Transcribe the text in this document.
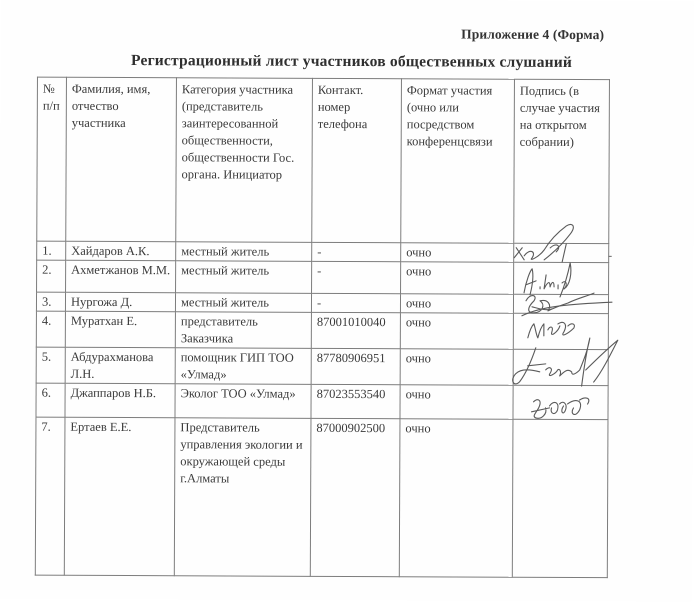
Приложение 4 (Форма)
Регистрационный лист участников общественных слушаний
№ п/п	Фамилия, имя, отчество участника	Категория участника (представитель заинтересованной общественности, общественности Гос. органа. Инициатор	Контакт. номер телефона	Формат участия (очно или посредством конференцсвязи	Подпись (в случае участия на открытом собрании)
1.	Хайдаров А.К.	местный житель	-	очно	-

2.	Ахметжанов М.М.	местный житель	-	очно	

3.	Нургожа Д.	местный житель	-	очно	

4.	Муратхан Е.	представитель Заказчика	87001010040	очно	

5.	Абдурахманова Л.Н.	помощник ГИП ТОО «Улмад»	87780906951	очно	

6.	Джаппаров Н.Б.	Эколог ТОО «Улмад»	87023553540	очно	

7.	Ертаев Е.Е.	Представитель управления экологии и окружающей среды г.Алматы	87000902500	очно	
